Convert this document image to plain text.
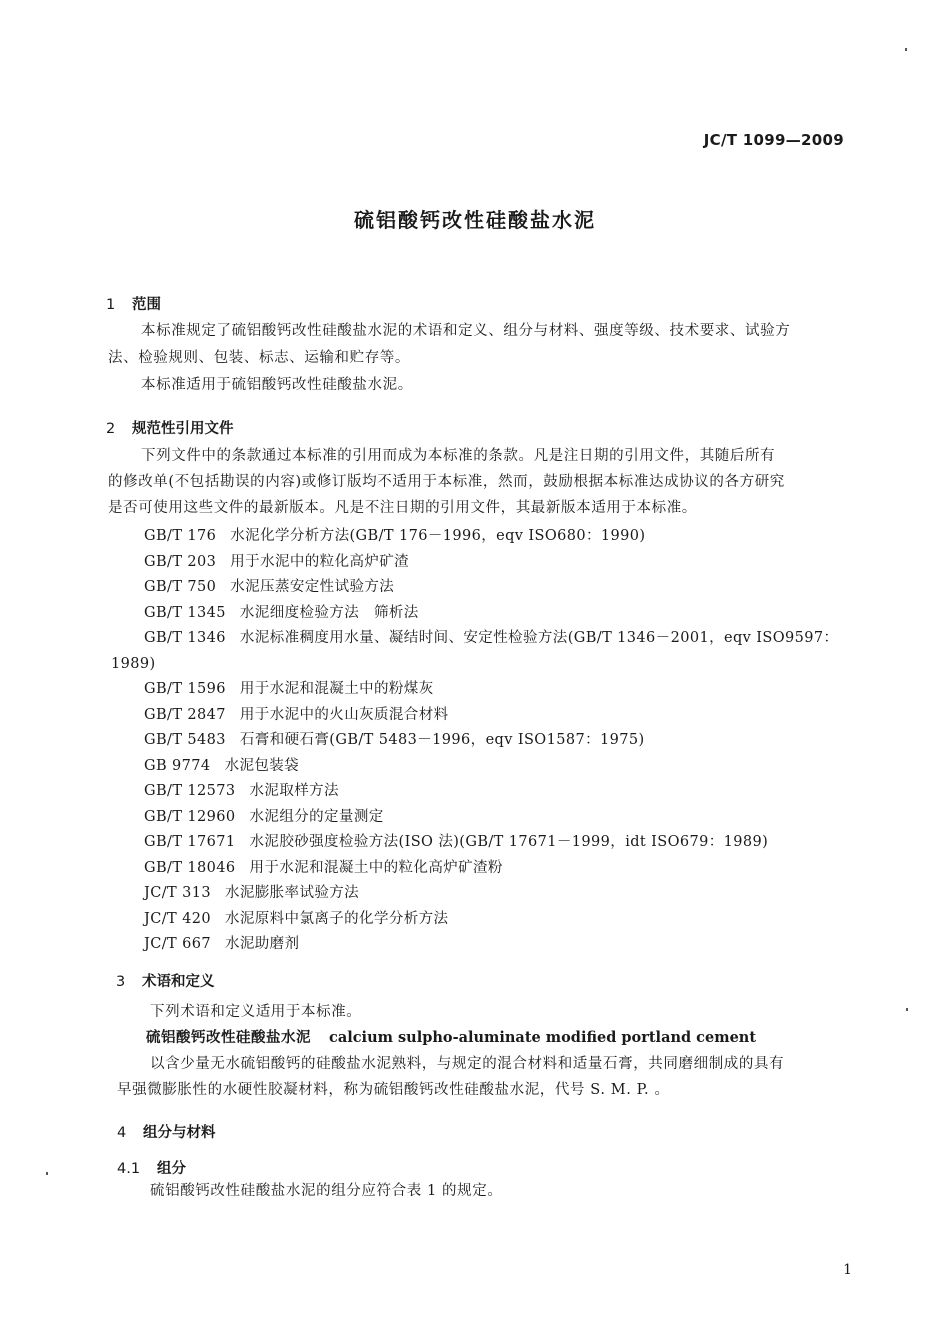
JC/T 1099—2009
硫铝酸钙改性硅酸盐水泥
1 范围
本标准规定了硫铝酸钙改性硅酸盐水泥的术语和定义、组分与材料、强度等级、技术要求、试验方
法、检验规则、包装、标志、运输和贮存等。
本标准适用于硫铝酸钙改性硅酸盐水泥。
2 规范性引用文件
下列文件中的条款通过本标准的引用而成为本标准的条款。凡是注日期的引用文件，其随后所有
的修改单(不包括勘误的内容)或修订版均不适用于本标准，然而，鼓励根据本标准达成协议的各方研究
是否可使用这些文件的最新版本。凡是不注日期的引用文件，其最新版本适用于本标准。
GB/T 176 水泥化学分析方法(GB/T 176－1996，eqv ISO680：1990)
GB/T 203 用于水泥中的粒化高炉矿渣
GB/T 750 水泥压蒸安定性试验方法
GB/T 1345 水泥细度检验方法　筛析法
GB/T 1346 水泥标准稠度用水量、凝结时间、安定性检验方法(GB/T 1346－2001，eqv ISO9597：
1989)
GB/T 1596 用于水泥和混凝土中的粉煤灰
GB/T 2847 用于水泥中的火山灰质混合材料
GB/T 5483 石膏和硬石膏(GB/T 5483－1996，eqv ISO1587：1975)
GB 9774 水泥包装袋
GB/T 12573 水泥取样方法
GB/T 12960 水泥组分的定量测定
GB/T 17671 水泥胶砂强度检验方法(ISO 法)(GB/T 17671－1999，idt ISO679：1989)
GB/T 18046 用于水泥和混凝土中的粒化高炉矿渣粉
JC/T 313 水泥膨胀率试验方法
JC/T 420 水泥原料中氯离子的化学分析方法
JC/T 667 水泥助磨剂
3 术语和定义
下列术语和定义适用于本标准。
硫铝酸钙改性硅酸盐水泥 calcium sulpho-aluminate modified portland cement
以含少量无水硫铝酸钙的硅酸盐水泥熟料，与规定的混合材料和适量石膏，共同磨细制成的具有
早强微膨胀性的水硬性胶凝材料，称为硫铝酸钙改性硅酸盐水泥，代号 S. M. P. 。
4 组分与材料
4.1 组分
硫铝酸钙改性硅酸盐水泥的组分应符合表 1 的规定。
1
